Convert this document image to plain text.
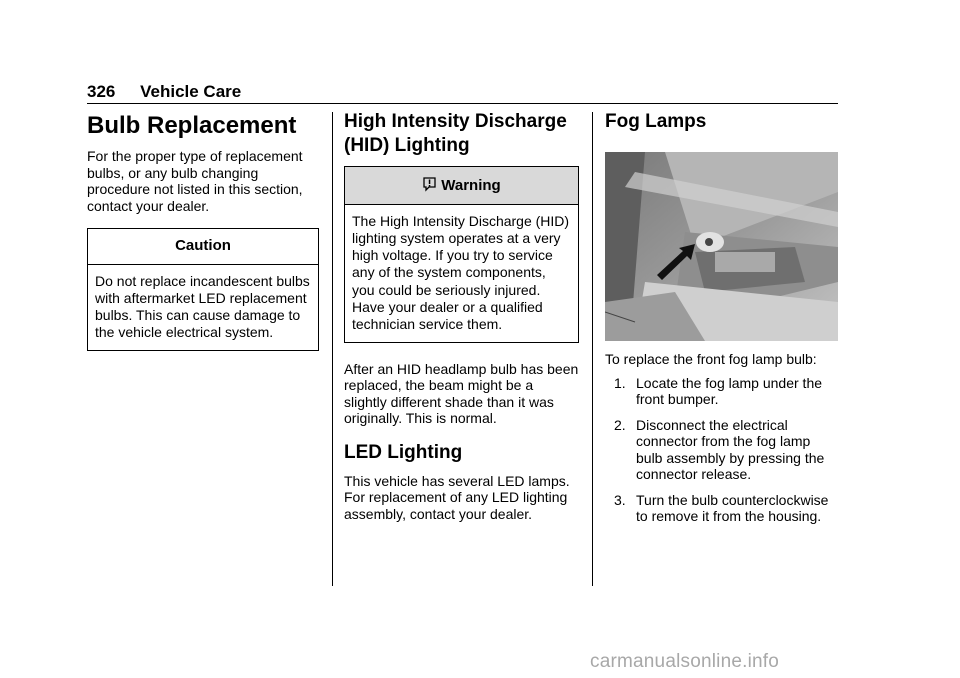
326 Vehicle Care
Bulb Replacement

For the proper type of replacement bulbs, or any bulb changing procedure not listed in this section, contact your dealer.

Caution
Do not replace incandescent bulbs with aftermarket LED replacement bulbs. This can cause damage to the vehicle electrical system.
High Intensity Discharge (HID) Lighting
Warning
The High Intensity Discharge (HID) lighting system operates at a very high voltage. If you try to service any of the system components, you could be seriously injured. Have your dealer or a qualified technician service them.

After an HID headlamp bulb has been replaced, the beam might be a slightly different shade than it was originally. This is normal.

LED Lighting

This vehicle has several LED lamps. For replacement of any LED lighting assembly, contact your dealer.

Fog Lamps

To replace the front fog lamp bulb:

1. Locate the fog lamp under the front bumper.
2. Disconnect the electrical connector from the fog lamp bulb assembly by pressing the connector release.
3. Turn the bulb counterclockwise to remove it from the housing.
carmanualsonline.info
